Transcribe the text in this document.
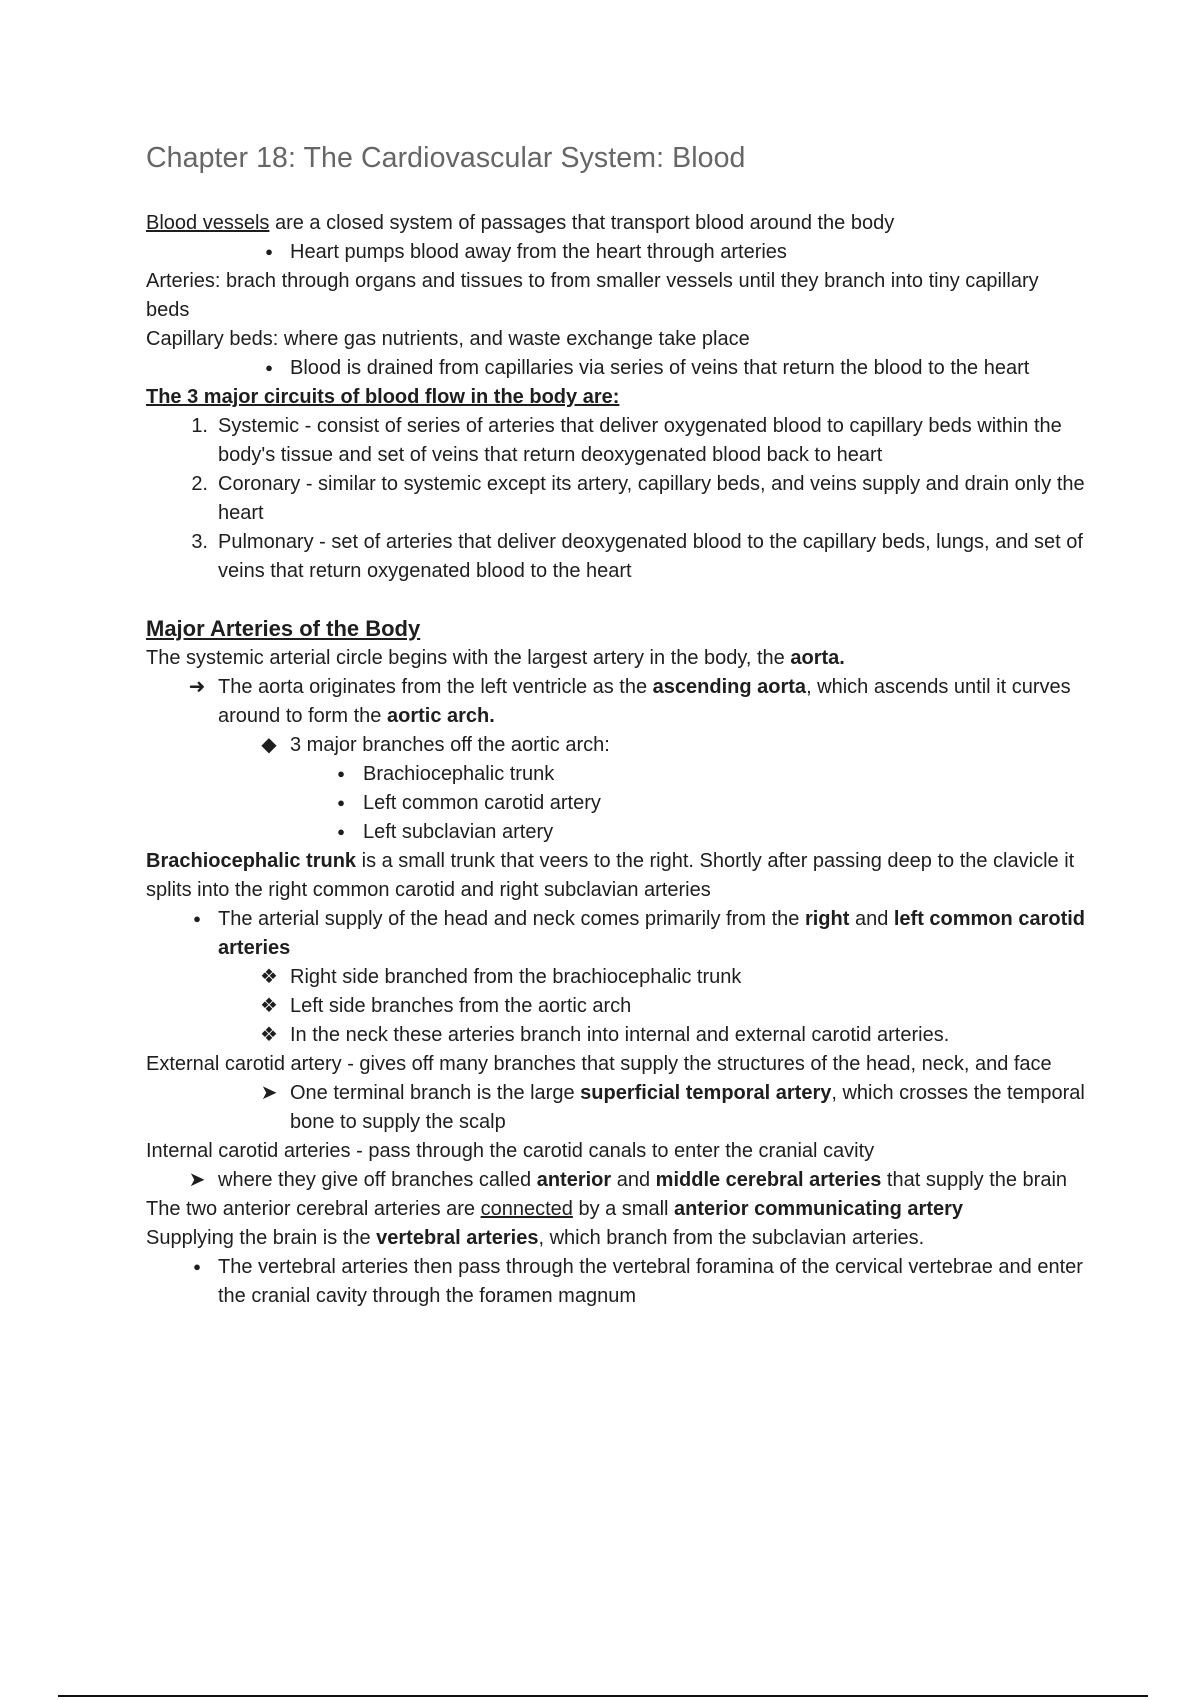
Chapter 18: The Cardiovascular System: Blood

Blood vessels are a closed system of passages that transport blood around the body

●
Heart pumps blood away from the heart through arteries

Arteries: brach through organs and tissues to from smaller vessels until they branch into tiny capillary beds

Capillary beds: where gas nutrients, and waste exchange take place

●
Blood is drained from capillaries via series of veins that return the blood to the heart
The 3 major circuits of blood flow in the body are:
1. Systemic - consist of series of arteries that deliver oxygenated blood to capillary beds within the body's tissue and set of veins that return deoxygenated blood back to heart
2. Coronary - similar to systemic except its artery, capillary beds, and veins supply and drain only the heart
3. Pulmonary - set of arteries that deliver deoxygenated blood to the capillary beds, lungs, and set of veins that return oxygenated blood to the heart
Major Arteries of the Body

The systemic arterial circle begins with the largest artery in the body, the aorta.

➜ The aorta originates from the left ventricle as the ascending aorta, which ascends until it curves around to form the aortic arch.
◆ 3 major branches off the aortic arch:
●
Brachiocephalic trunk
●
Left common carotid artery
●
Left subclavian artery

Brachiocephalic trunk is a small trunk that veers to the right. Shortly after passing deep to the clavicle it splits into the right common carotid and right subclavian arteries

●
The arterial supply of the head and neck comes primarily from the right and left common carotid arteries
❖ Right side branched from the brachiocephalic trunk
❖ Left side branches from the aortic arch
❖ In the neck these arteries branch into internal and external carotid arteries.

External carotid artery - gives off many branches that supply the structures of the head, neck, and face

➤ One terminal branch is the large superficial temporal artery, which crosses the temporal bone to supply the scalp

Internal carotid arteries - pass through the carotid canals to enter the cranial cavity

➤ where they give off branches called anterior and middle cerebral arteries that supply the brain

The two anterior cerebral arteries are connected by a small anterior communicating artery

Supplying the brain is the vertebral arteries, which branch from the subclavian arteries.

●
The vertebral arteries then pass through the vertebral foramina of the cervical vertebrae and enter the cranial cavity through the foramen magnum
